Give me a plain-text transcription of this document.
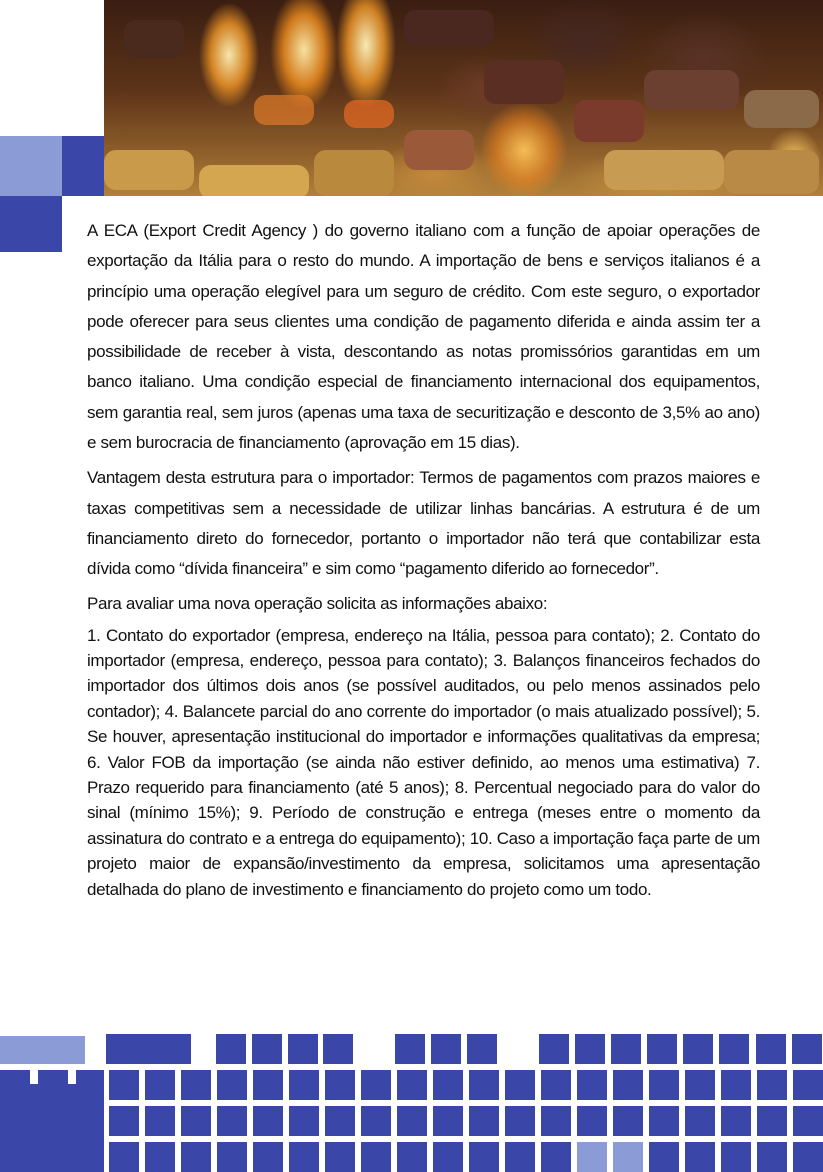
A ECA (Export Credit Agency ) do governo italiano com a função de apoiar operações de exportação da Itália para o resto do mundo. A importação de bens e serviços italianos é a princípio uma operação elegível para um seguro de crédito. Com este seguro, o exportador pode oferecer para seus clientes uma condição de pagamento diferida e ainda assim ter a possibilidade de receber à vista, descontando as notas promissórios garantidas em um banco italiano. Uma condição especial de financiamento internacional dos equipamentos, sem garantia real, sem juros (apenas uma taxa de securitização e desconto de 3,5% ao ano) e sem burocracia de financiamento (aprovação em 15 dias).

Vantagem desta estrutura para o importador: Termos de pagamentos com prazos maiores e taxas competitivas sem a necessidade de utilizar linhas bancárias. A estrutura é de um financiamento direto do fornecedor, portanto o importador não terá que contabilizar esta dívida como “dívida financeira” e sim como “pagamento diferido ao fornecedor”.

Para avaliar uma nova operação solicita as informações abaixo:

1. Contato do exportador (empresa, endereço na Itália, pessoa para contato); 2. Contato do importador (empresa, endereço, pessoa para contato); 3. Balanços financeiros fechados do importador dos últimos dois anos (se possível auditados, ou pelo menos assinados pelo contador); 4. Balancete parcial do ano corrente do importador (o mais atualizado possível); 5. Se houver, apresentação institucional do importador e informações qualitativas da empresa; 6. Valor FOB da importação (se ainda não estiver definido, ao menos uma estimativa) 7. Prazo requerido para financiamento (até 5 anos); 8. Percentual negociado para do valor do sinal (mínimo 15%); 9. Período de construção e entrega (meses entre o momento da assinatura do contrato e a entrega do equipamento); 10. Caso a importação faça parte de um projeto maior de expansão/investimento da empresa, solicitamos uma apresentação detalhada do plano de investimento e financiamento do projeto como um todo.
